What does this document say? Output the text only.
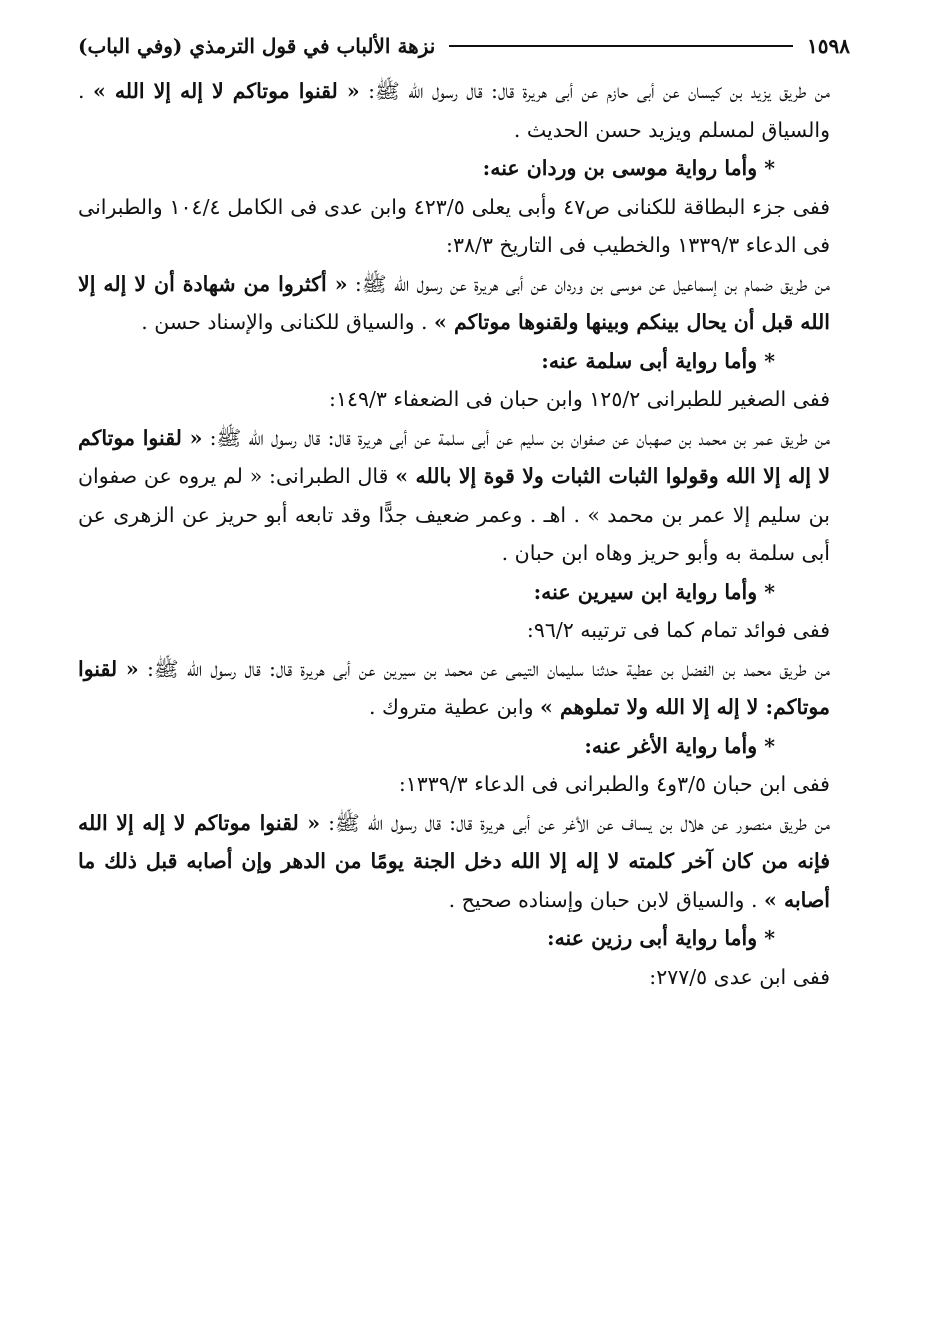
١٥٩٨
نزهة الألباب في قول الترمذي (وفي الباب)

من طريق يزيد بن كيسان عن أبى حازم عن أبى هريرة قال: قال رسول الله ﷺ: « لقنوا موتاكم لا إله إلا الله » . والسياق لمسلم ويزيد حسن الحديث .

* وأما رواية موسى بن وردان عنه:

ففى جزء البطاقة للكنانى ص٤٧ وأبى يعلى ٤٢٣/٥ وابن عدى فى الكامل ١٠٤/٤ والطبرانى فى الدعاء ١٣٣٩/٣ والخطيب فى التاريخ ٣٨/٣:

من طريق ضمام بن إسماعيل عن موسى بن وردان عن أبى هريرة عن رسول الله ﷺ: « أكثروا من شهادة أن لا إله إلا الله قبل أن يحال بينكم وبينها ولقنوها موتاكم » . والسياق للكنانى والإسناد حسن .

* وأما رواية أبى سلمة عنه:

ففى الصغير للطبرانى ١٢٥/٢ وابن حبان فى الضعفاء ١٤٩/٣:

من طريق عمر بن محمد بن صهبان عن صفوان بن سليم عن أبى سلمة عن أبى هريرة قال: قال رسول الله ﷺ: « لقنوا موتاكم لا إله إلا الله وقولوا الثبات الثبات ولا قوة إلا بالله » قال الطبرانى: « لم يروه عن صفوان بن سليم إلا عمر بن محمد » . اهـ . وعمر ضعيف جدًّا وقد تابعه أبو حريز عن الزهرى عن أبى سلمة به وأبو حريز وهاه ابن حبان .

* وأما رواية ابن سيرين عنه:

ففى فوائد تمام كما فى ترتيبه ٩٦/٢:

من طريق محمد بن الفضل بن عطية حدثنا سليمان التيمى عن محمد بن سيرين عن أبى هريرة قال: قال رسول الله ﷺ: « لقنوا موتاكم: لا إله إلا الله ولا تملوهم » وابن عطية متروك .

* وأما رواية الأغر عنه:

ففى ابن حبان ٣/٥و٤ والطبرانى فى الدعاء ١٣٣٩/٣:

من طريق منصور عن هلال بن يساف عن الأغر عن أبى هريرة قال: قال رسول الله ﷺ: « لقنوا موتاكم لا إله إلا الله فإنه من كان آخر كلمته لا إله إلا الله دخل الجنة يومًا من الدهر وإن أصابه قبل ذلك ما أصابه » . والسياق لابن حبان وإسناده صحيح .

* وأما رواية أبى رزين عنه:

ففى ابن عدى ٢٧٧/٥:
